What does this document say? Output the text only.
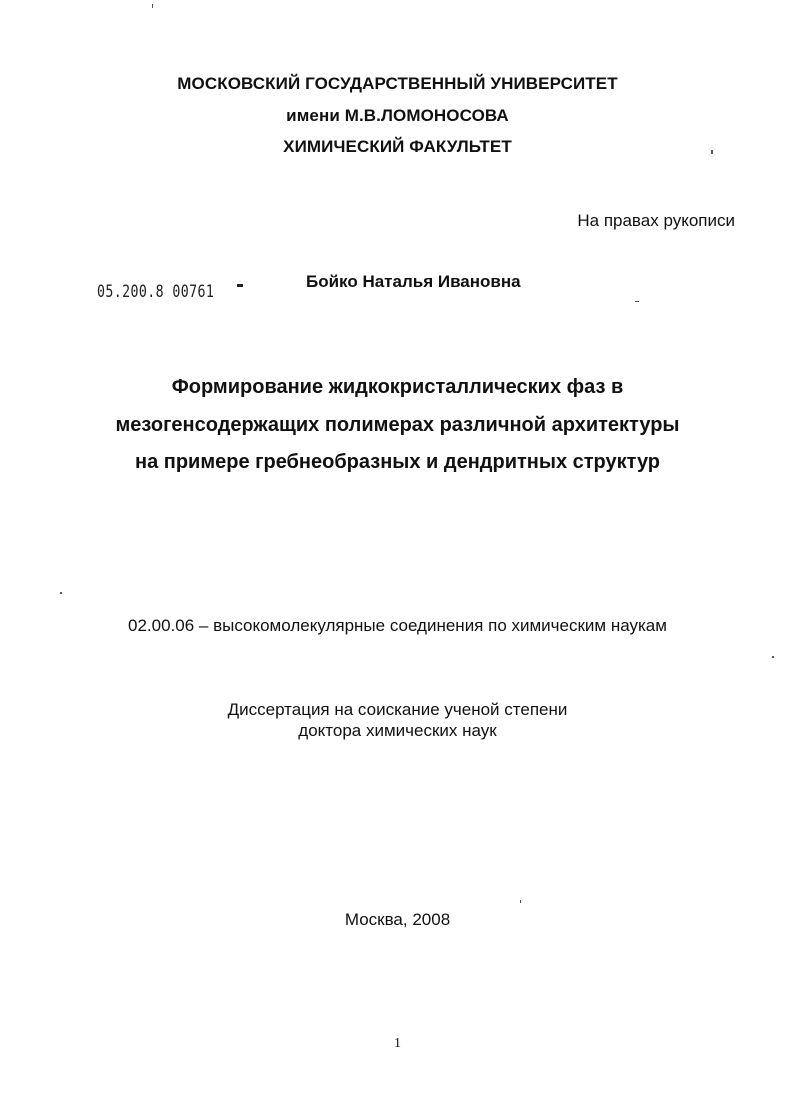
МОСКОВСКИЙ ГОСУДАРСТВЕННЫЙ УНИВЕРСИТЕТ
имени М.В.ЛОМОНОСОВА
ХИМИЧЕСКИЙ ФАКУЛЬТЕТ
На правах рукописи
05.200.8 00761
Бойко Наталья Ивановна
Формирование жидкокристаллических фаз в
мезогенсодержащих полимерах различной архитектуры
на примере гребнеобразных и дендритных структур
02.00.06 – высокомолекулярные соединения по химическим наукам
Диссертация на соискание ученой степени
доктора химических наук
Москва, 2008
1
